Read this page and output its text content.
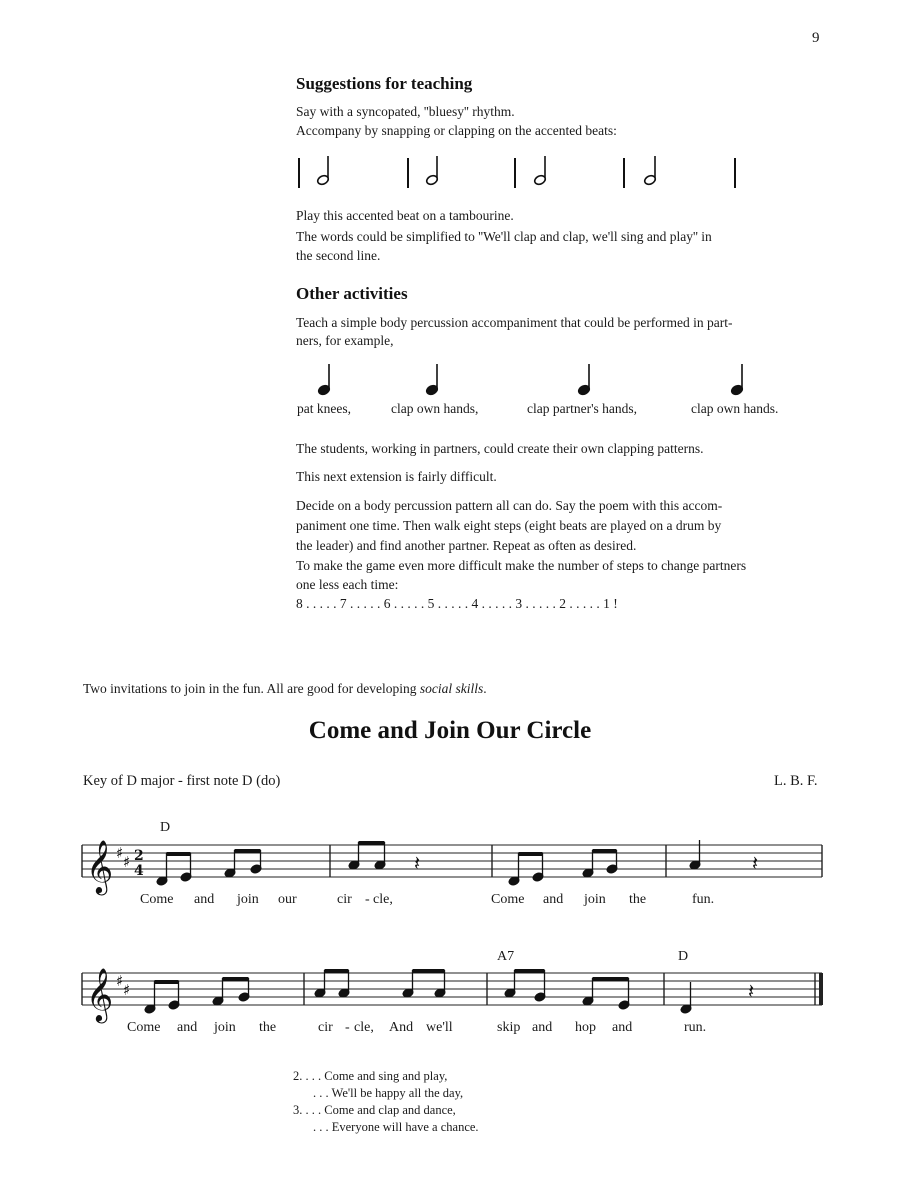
9
Suggestions for teaching
Say with a syncopated, ''bluesy'' rhythm.
Accompany by snapping or clapping on the accented beats:
Play this accented beat on a tambourine.
The words could be simplified to ''We'll clap and clap, we'll sing and play'' in
the second line.
Other activities
Teach a simple body percussion accompaniment that could be performed in part-
ners, for example,
pat knees,	clap own hands,	clap partner's hands,	clap own hands.
The students, working in partners, could create their own clapping patterns.
This next extension is fairly difficult.
Decide on a body percussion pattern all can do. Say the poem with this accom-
paniment one time. Then walk eight steps (eight beats are played on a drum by
the leader) and find another partner. Repeat as often as desired.
To make the game even more difficult make the number of steps to change partners
one less each time:
8 . . . . . 7 . . . . . 6 . . . . . 5 . . . . . 4 . . . . . 3 . . . . . 2 . . . . . 1 !
Two invitations to join in the fun. All are good for developing social skills.
Come and Join Our Circle
Key of D major - first note D (do)	L. B. F.
𝄞 ♯ ♯ 2
4	𝄽	𝄽
D
Come and join our	cir - cle,	Come and join the	fun.
𝄞 ♯ ♯	𝄽
A7	D
Come and join the	cir - cle, And we'll	skip and hop and	run.
2. . . . Come and sing and play,
. . . We'll be happy all the day,
3. . . . Come and clap and dance,
. . . Everyone will have a chance.
